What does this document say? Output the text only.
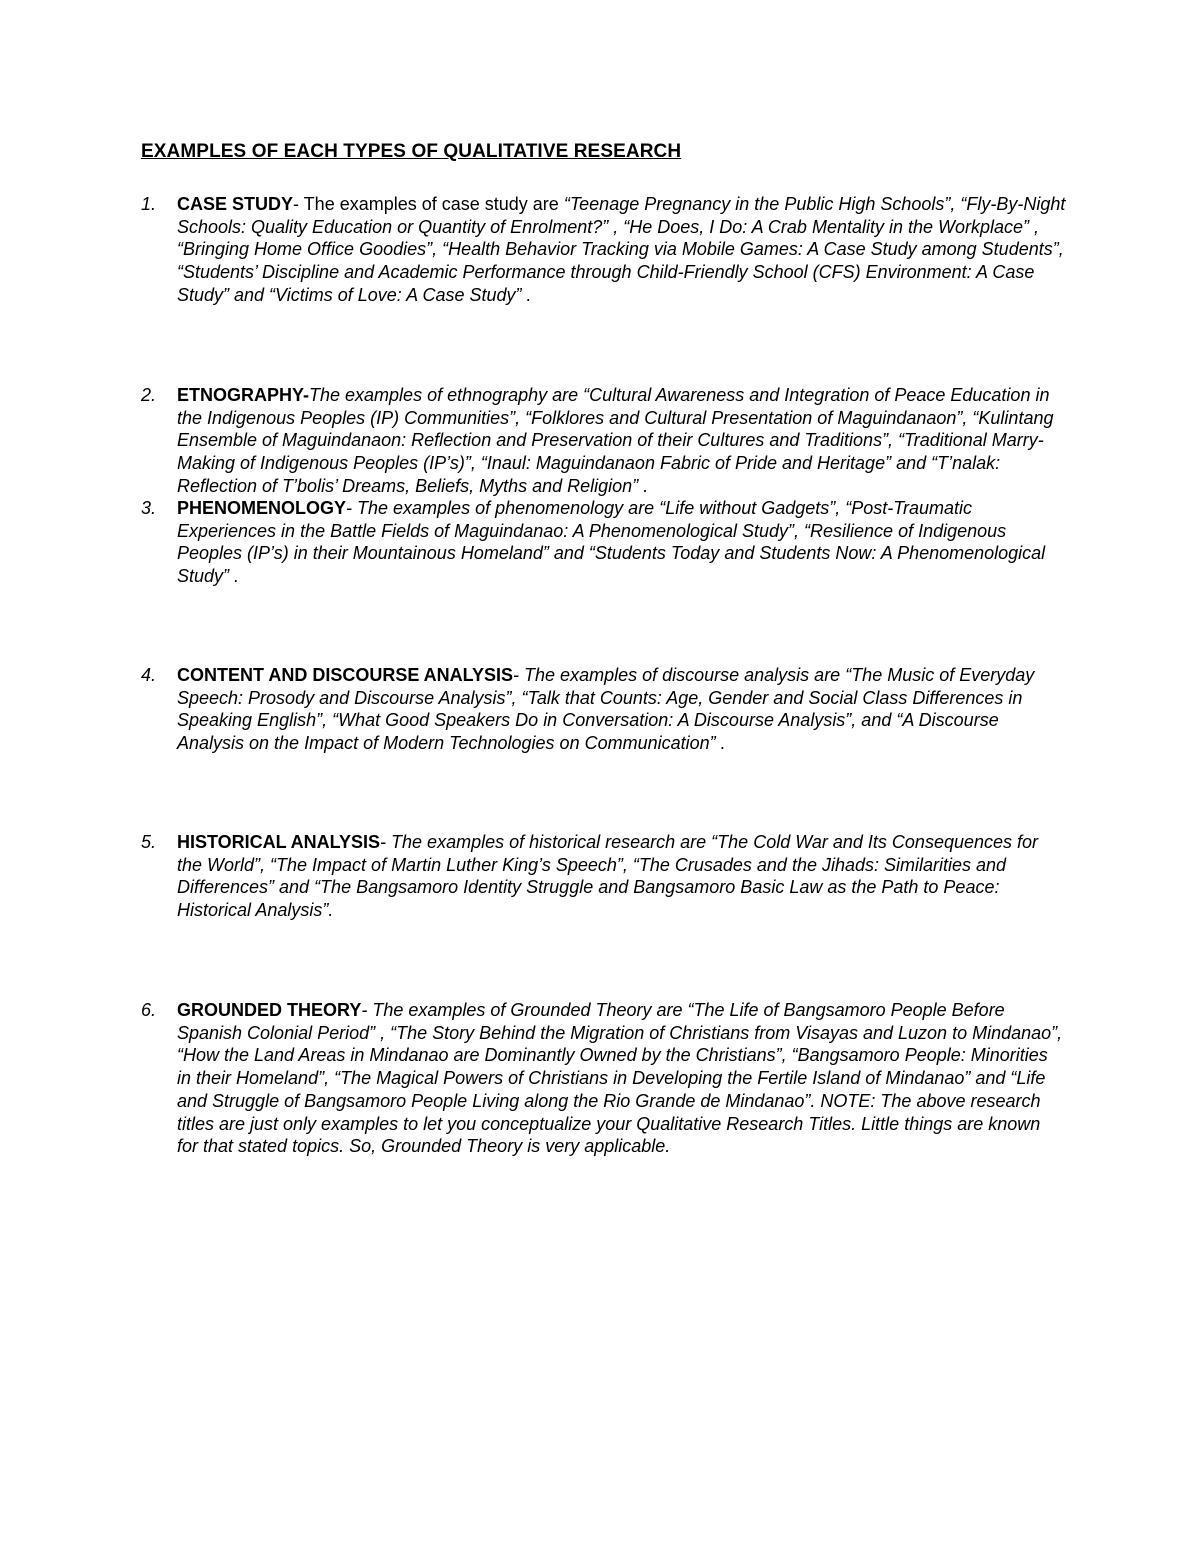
EXAMPLES OF EACH TYPES OF QUALITATIVE RESEARCH
1. CASE STUDY- The examples of case study are “Teenage Pregnancy in the Public High Schools”, “Fly-By-Night Schools: Quality Education or Quantity of Enrolment?” , “He Does, I Do: A Crab Mentality in the Workplace” , “Bringing Home Office Goodies”, “Health Behavior Tracking via Mobile Games: A Case Study among Students”, “Students’ Discipline and Academic Performance through Child-Friendly School (CFS) Environment: A Case Study” and “Victims of Love: A Case Study” .
2. ETNOGRAPHY-The examples of ethnography are “Cultural Awareness and Integration of Peace Education in the Indigenous Peoples (IP) Communities”, “Folklores and Cultural Presentation of Maguindanaon”, “Kulintang Ensemble of Maguindanaon: Reflection and Preservation of their Cultures and Traditions”, “Traditional Marry-Making of Indigenous Peoples (IP’s)”, “Inaul: Maguindanaon Fabric of Pride and Heritage” and “T’nalak: Reflection of T’bolis’ Dreams, Beliefs, Myths and Religion” .
3. PHENOMENOLOGY- The examples of phenomenology are “Life without Gadgets”, “Post-Traumatic Experiences in the Battle Fields of Maguindanao: A Phenomenological Study”, “Resilience of Indigenous Peoples (IP’s) in their Mountainous Homeland” and “Students Today and Students Now: A Phenomenological Study” .
4. CONTENT AND DISCOURSE ANALYSIS- The examples of discourse analysis are “The Music of Everyday Speech: Prosody and Discourse Analysis”, “Talk that Counts: Age, Gender and Social Class Differences in Speaking English”, “What Good Speakers Do in Conversation: A Discourse Analysis”, and “A Discourse Analysis on the Impact of Modern Technologies on Communication” .
5. HISTORICAL ANALYSIS- The examples of historical research are “The Cold War and Its Consequences for the World”, “The Impact of Martin Luther King’s Speech”, “The Crusades and the Jihads: Similarities and Differences” and “The Bangsamoro Identity Struggle and Bangsamoro Basic Law as the Path to Peace: Historical Analysis”.
6. GROUNDED THEORY- The examples of Grounded Theory are “The Life of Bangsamoro People Before Spanish Colonial Period” , “The Story Behind the Migration of Christians from Visayas and Luzon to Mindanao”, “How the Land Areas in Mindanao are Dominantly Owned by the Christians”, “Bangsamoro People: Minorities in their Homeland”, “The Magical Powers of Christians in Developing the Fertile Island of Mindanao” and “Life and Struggle of Bangsamoro People Living along the Rio Grande de Mindanao”. NOTE: The above research titles are just only examples to let you conceptualize your Qualitative Research Titles. Little things are known for that stated topics. So, Grounded Theory is very applicable.
